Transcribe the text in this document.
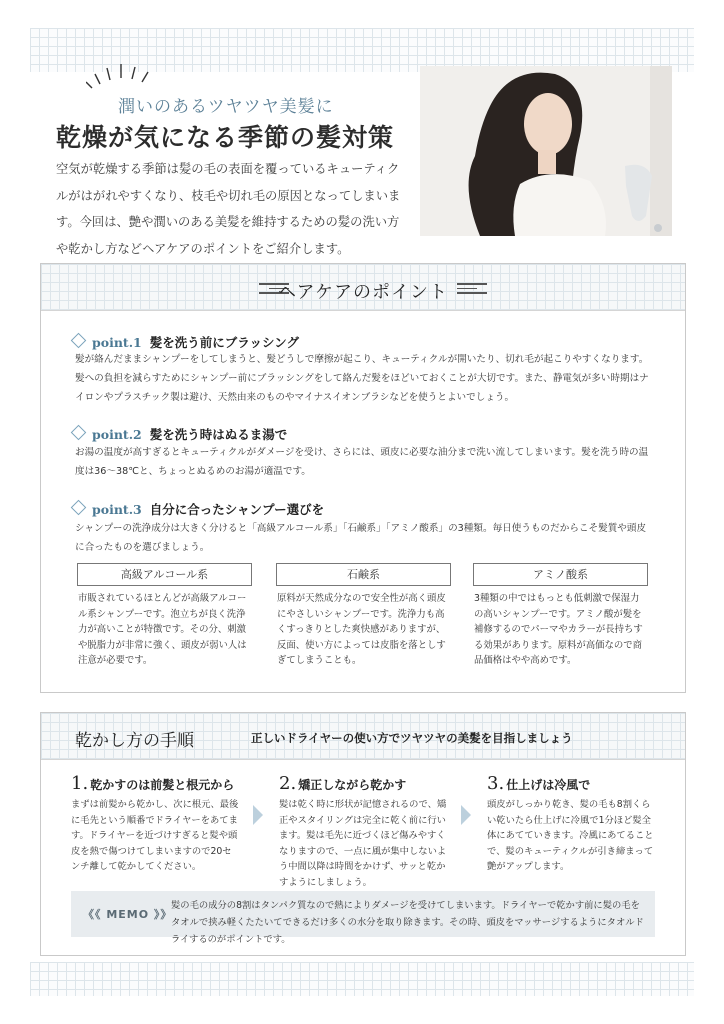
潤いのあるツヤツヤ美髪に
乾燥が気になる季節の髪対策

空気が乾燥する季節は髪の毛の表面を覆っているキューティクルがはがれやすくなり、枝毛や切れ毛の原因となってしまいます。今回は、艶や潤いのある美髪を維持するための髪の洗い方や乾かし方などヘアケアのポイントをご紹介します。

ヘアケアのポイント
point.1 髪を洗う前にブラッシング

髪が絡んだままシャンプーをしてしまうと、髪どうしで摩擦が起こり、キューティクルが開いたり、切れ毛が起こりやすくなります。髪への負担を減らすためにシャンプー前にブラッシングをして絡んだ髪をほどいておくことが大切です。また、静電気が多い時期はナイロンやプラスチック製は避け、天然由来のものやマイナスイオンブラシなどを使うとよいでしょう。

point.2 髪を洗う時はぬるま湯で

お湯の温度が高すぎるとキューティクルがダメージを受け、さらには、頭皮に必要な油分まで洗い流してしまいます。髪を洗う時の温度は36〜38℃と、ちょっとぬるめのお湯が適温です。

point.3 自分に合ったシャンプー選びを

シャンプーの洗浄成分は大きく分けると「高級アルコール系」「石鹸系」「アミノ酸系」の3種類。毎日使うものだからこそ髪質や頭皮に合ったものを選びましょう。

高級アルコール系

市販されているほとんどが高級アルコール系シャンプーです。泡立ちが良く洗浄力が高いことが特徴です。その分、刺激や脱脂力が非常に強く、頭皮が弱い人は注意が必要です。

石鹸系

原料が天然成分なので安全性が高く頭皮にやさしいシャンプーです。洗浄力も高くすっきりとした爽快感がありますが、反面、使い方によっては皮脂を落としすぎてしまうことも。

アミノ酸系

3種類の中ではもっとも低刺激で保湿力の高いシャンプーです。アミノ酸が髪を補修するのでパーマやカラーが長持ちする効果があります。原料が高価なので商品価格はやや高めです。

乾かし方の手順	正しいドライヤーの使い方でツヤツヤの美髪を目指しましょう
1. 乾かすのは前髪と根元から

まずは前髪から乾かし、次に根元、最後に毛先という順番でドライヤーをあてます。ドライヤーを近づけすぎると髪や頭皮を熱で傷つけてしまいますので20センチ離して乾かしてください。

2. 矯正しながら乾かす

髪は乾く時に形状が記憶されるので、矯正やスタイリングは完全に乾く前に行います。髪は毛先に近づくほど傷みやすくなりますので、一点に風が集中しないよう中間以降は時間をかけず、サッと乾かすようにしましょう。

3. 仕上げは冷風で

頭皮がしっかり乾き、髪の毛も8割くらい乾いたら仕上げに冷風で1分ほど髪全体にあてていきます。冷風にあてることで、髪のキューティクルが引き締まって艶がアップします。

《《 MEMO 》》

髪の毛の成分の8割はタンパク質なので熱によりダメージを受けてしまいます。ドライヤーで乾かす前に髪の毛をタオルで挟み軽くたたいてできるだけ多くの水分を取り除きます。その時、頭皮をマッサージするようにタオルドライするのがポイントです。
